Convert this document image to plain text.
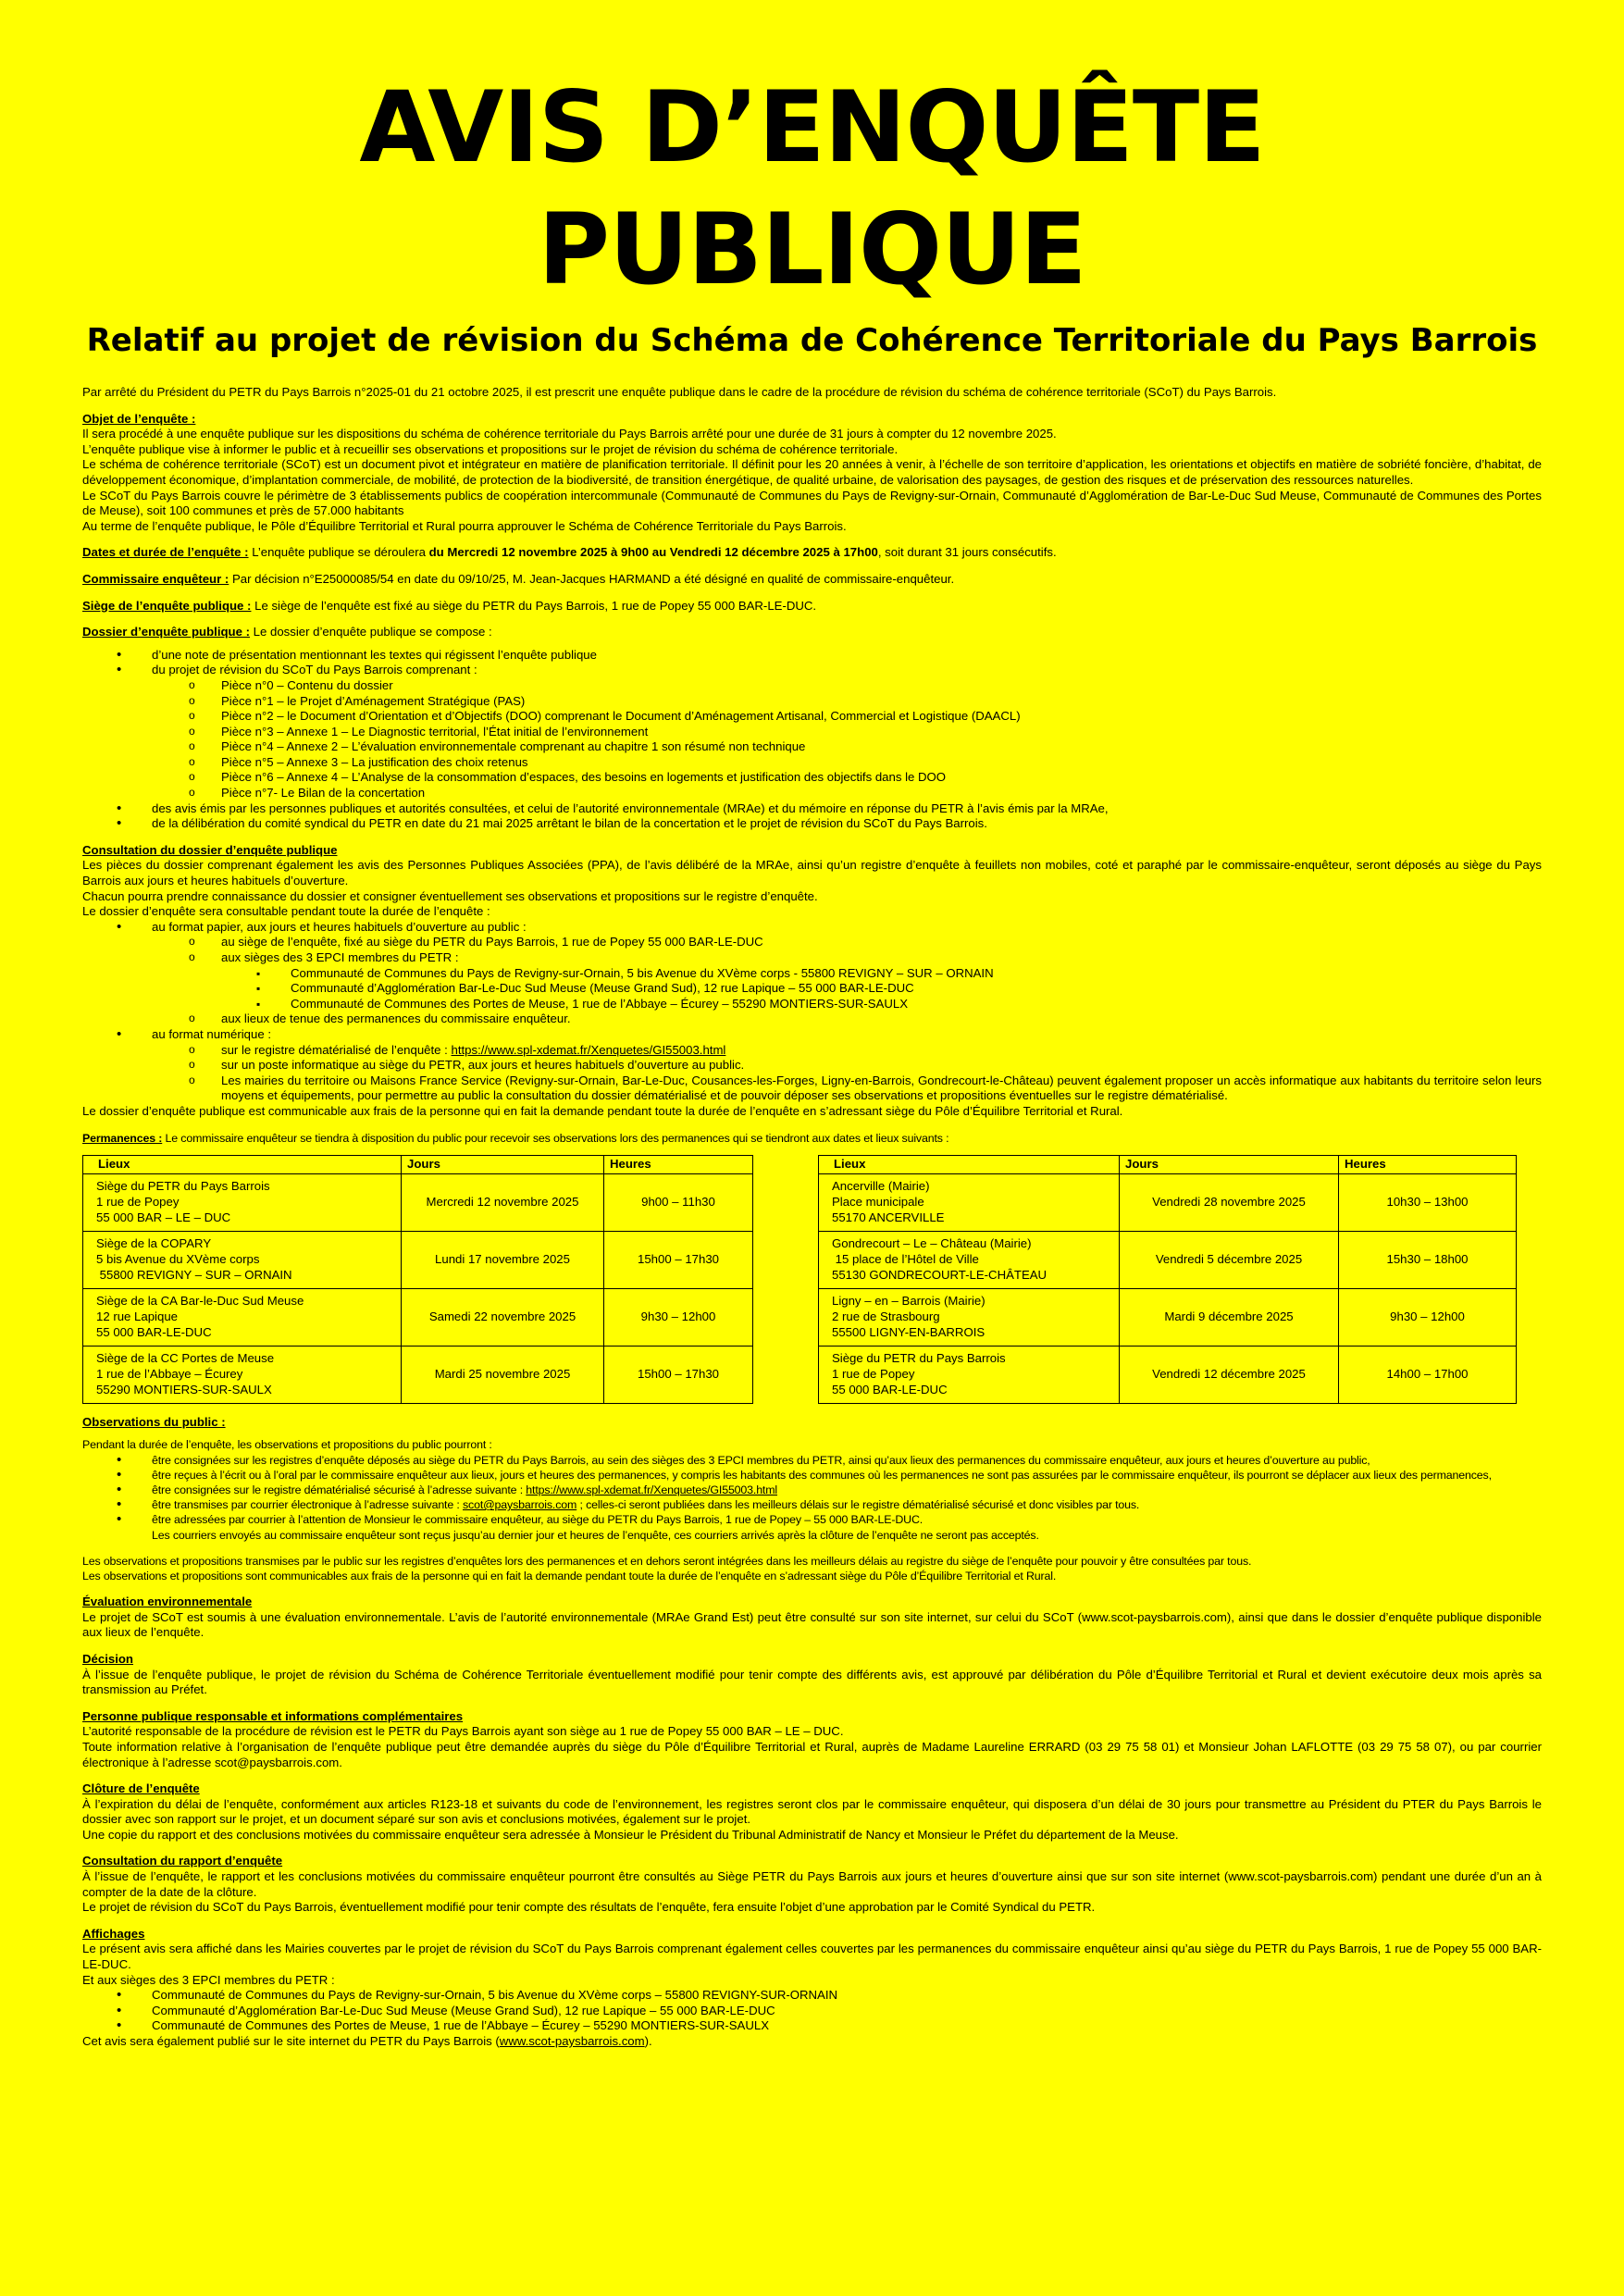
AVIS D’ENQUÊTE PUBLIQUE
Relatif au projet de révision du Schéma de Cohérence Territoriale du Pays Barrois

Par arrêté du Président du PETR du Pays Barrois n°2025-01 du 21 octobre 2025, il est prescrit une enquête publique dans le cadre de la procédure de révision du schéma de cohérence territoriale (SCoT) du Pays Barrois.

Objet de l’enquête :

Il sera procédé à une enquête publique sur les dispositions du schéma de cohérence territoriale du Pays Barrois arrêté pour une durée de 31 jours à compter du 12 novembre 2025.

L’enquête publique vise à informer le public et à recueillir ses observations et propositions sur le projet de révision du schéma de cohérence territoriale.

Le schéma de cohérence territoriale (SCoT) est un document pivot et intégrateur en matière de planification territoriale. Il définit pour les 20 années à venir, à l’échelle de son territoire d’application, les orientations et objectifs en matière de sobriété foncière, d’habitat, de développement économique, d’implantation commerciale, de mobilité, de protection de la biodiversité, de transition énergétique, de qualité urbaine, de valorisation des paysages, de gestion des risques et de préservation des ressources naturelles.

Le SCoT du Pays Barrois couvre le périmètre de 3 établissements publics de coopération intercommunale (Communauté de Communes du Pays de Revigny-sur-Ornain, Communauté d’Agglomération de Bar-Le-Duc Sud Meuse, Communauté de Communes des Portes de Meuse), soit 100 communes et près de 57.000 habitants

Au terme de l’enquête publique, le Pôle d’Équilibre Territorial et Rural pourra approuver le Schéma de Cohérence Territoriale du Pays Barrois.

Dates et durée de l’enquête : L’enquête publique se déroulera du Mercredi 12 novembre 2025 à 9h00 au Vendredi 12 décembre 2025 à 17h00, soit durant 31 jours consécutifs.

Commissaire enquêteur : Par décision n°E25000085/54 en date du 09/10/25, M. Jean-Jacques HARMAND a été désigné en qualité de commissaire-enquêteur.

Siège de l’enquête publique : Le siège de l’enquête est fixé au siège du PETR du Pays Barrois, 1 rue de Popey 55 000 BAR-LE-DUC.

Dossier d’enquête publique : Le dossier d’enquête publique se compose :

• d’une note de présentation mentionnant les textes qui régissent l’enquête publique
• du projet de révision du SCoT du Pays Barrois comprenant :
o Pièce n°0 – Contenu du dossier
o Pièce n°1 – le Projet d’Aménagement Stratégique (PAS)
o Pièce n°2 – le Document d’Orientation et d’Objectifs (DOO) comprenant le Document d’Aménagement Artisanal, Commercial et Logistique (DAACL)
o Pièce n°3 – Annexe 1 – Le Diagnostic territorial, l’État initial de l’environnement
o Pièce n°4 – Annexe 2 – L’évaluation environnementale comprenant au chapitre 1 son résumé non technique
o Pièce n°5 – Annexe 3 – La justification des choix retenus
o Pièce n°6 – Annexe 4 – L’Analyse de la consommation d’espaces, des besoins en logements et justification des objectifs dans le DOO
o Pièce n°7- Le Bilan de la concertation
• des avis émis par les personnes publiques et autorités consultées, et celui de l’autorité environnementale (MRAe) et du mémoire en réponse du PETR à l’avis émis par la MRAe,
• de la délibération du comité syndical du PETR en date du 21 mai 2025 arrêtant le bilan de la concertation et le projet de révision du SCoT du Pays Barrois.

Consultation du dossier d’enquête publique

Les pièces du dossier comprenant également les avis des Personnes Publiques Associées (PPA), de l’avis délibéré de la MRAe, ainsi qu’un registre d’enquête à feuillets non mobiles, coté et paraphé par le commissaire-enquêteur, seront déposés au siège du Pays Barrois aux jours et heures habituels d’ouverture.

Chacun pourra prendre connaissance du dossier et consigner éventuellement ses observations et propositions sur le registre d’enquête.

Le dossier d’enquête sera consultable pendant toute la durée de l’enquête :

• au format papier, aux jours et heures habituels d’ouverture au public :
o au siège de l’enquête, fixé au siège du PETR du Pays Barrois, 1 rue de Popey 55 000 BAR-LE-DUC
o aux sièges des 3 EPCI membres du PETR :
▪ Communauté de Communes du Pays de Revigny-sur-Ornain, 5 bis Avenue du XVème corps - 55800 REVIGNY – SUR – ORNAIN
▪ Communauté d’Agglomération Bar-Le-Duc Sud Meuse (Meuse Grand Sud), 12 rue Lapique – 55 000 BAR-LE-DUC
▪ Communauté de Communes des Portes de Meuse, 1 rue de l’Abbaye – Écurey – 55290 MONTIERS-SUR-SAULX
o aux lieux de tenue des permanences du commissaire enquêteur.
• au format numérique :
o sur le registre dématérialisé de l’enquête : https://www.spl-xdemat.fr/Xenquetes/GI55003.html
o sur un poste informatique au siège du PETR, aux jours et heures habituels d’ouverture au public.
o Les mairies du territoire ou Maisons France Service (Revigny-sur-Ornain, Bar-Le-Duc, Cousances-les-Forges, Ligny-en-Barrois, Gondrecourt-le-Château) peuvent également proposer un accès informatique aux habitants du territoire selon leurs moyens et équipements, pour permettre au public la consultation du dossier dématérialisé et de pouvoir déposer ses observations et propositions éventuelles sur le registre dématérialisé.

Le dossier d’enquête publique est communicable aux frais de la personne qui en fait la demande pendant toute la durée de l’enquête en s’adressant siège du Pôle d’Équilibre Territorial et Rural.

Permanences : Le commissaire enquêteur se tiendra à disposition du public pour recevoir ses observations lors des permanences qui se tiendront aux dates et lieux suivants :

Lieux	Jours	Heures

Siège du PETR du Pays Barrois
1 rue de Popey
55 000 BAR – LE – DUC	Mercredi 12 novembre 2025	9h00 – 11h30

Siège de la COPARY
5 bis Avenue du XVème corps
55800 REVIGNY – SUR – ORNAIN	Lundi 17 novembre 2025	15h00 – 17h30

Siège de la CA Bar-le-Duc Sud Meuse
12 rue Lapique
55 000 BAR-LE-DUC	Samedi 22 novembre 2025	9h30 – 12h00

Siège de la CC Portes de Meuse
1 rue de l’Abbaye – Écurey
55290 MONTIERS-SUR-SAULX	Mardi 25 novembre 2025	15h00 – 17h30
Lieux	Jours	Heures

Ancerville (Mairie)
Place municipale
55170 ANCERVILLE	Vendredi 28 novembre 2025	10h30 – 13h00

Gondrecourt – Le – Château (Mairie)
15 place de l’Hôtel de Ville
55130 GONDRECOURT-LE-CHÂTEAU	Vendredi 5 décembre 2025	15h30 – 18h00

Ligny – en – Barrois (Mairie)
2 rue de Strasbourg
55500 LIGNY-EN-BARROIS	Mardi 9 décembre 2025	9h30 – 12h00

Siège du PETR du Pays Barrois
1 rue de Popey
55 000 BAR-LE-DUC	Vendredi 12 décembre 2025	14h00 – 17h00

Observations du public :

Pendant la durée de l’enquête, les observations et propositions du public pourront :

• être consignées sur les registres d’enquête déposés au siège du PETR du Pays Barrois, au sein des sièges des 3 EPCI membres du PETR, ainsi qu’aux lieux des permanences du commissaire enquêteur, aux jours et heures d’ouverture au public,
• être reçues à l’écrit ou à l’oral par le commissaire enquêteur aux lieux, jours et heures des permanences, y compris les habitants des communes où les permanences ne sont pas assurées par le commissaire enquêteur, ils pourront se déplacer aux lieux des permanences,
• être consignées sur le registre dématérialisé sécurisé à l’adresse suivante : https://www.spl-xdemat.fr/Xenquetes/GI55003.html
• être transmises par courrier électronique à l’adresse suivante : scot@paysbarrois.com ; celles-ci seront publiées dans les meilleurs délais sur le registre dématérialisé sécurisé et donc visibles par tous.
• être adressées par courrier à l’attention de Monsieur le commissaire enquêteur, au siège du PETR du Pays Barrois, 1 rue de Popey – 55 000 BAR-LE-DUC.
Les courriers envoyés au commissaire enquêteur sont reçus jusqu’au dernier jour et heures de l’enquête, ces courriers arrivés après la clôture de l’enquête ne seront pas acceptés.

Les observations et propositions transmises par le public sur les registres d’enquêtes lors des permanences et en dehors seront intégrées dans les meilleurs délais au registre du siège de l’enquête pour pouvoir y être consultées par tous.

Les observations et propositions sont communicables aux frais de la personne qui en fait la demande pendant toute la durée de l’enquête en s’adressant siège du Pôle d’Équilibre Territorial et Rural.

Évaluation environnementale

Le projet de SCoT est soumis à une évaluation environnementale. L’avis de l’autorité environnementale (MRAe Grand Est) peut être consulté sur son site internet, sur celui du SCoT (www.scot-paysbarrois.com), ainsi que dans le dossier d’enquête publique disponible aux lieux de l’enquête.

Décision

À l’issue de l’enquête publique, le projet de révision du Schéma de Cohérence Territoriale éventuellement modifié pour tenir compte des différents avis, est approuvé par délibération du Pôle d’Équilibre Territorial et Rural et devient exécutoire deux mois après sa transmission au Préfet.

Personne publique responsable et informations complémentaires

L’autorité responsable de la procédure de révision est le PETR du Pays Barrois ayant son siège au 1 rue de Popey 55 000 BAR – LE – DUC.

Toute information relative à l’organisation de l’enquête publique peut être demandée auprès du siège du Pôle d’Équilibre Territorial et Rural, auprès de Madame Laureline ERRARD (03 29 75 58 01) et Monsieur Johan LAFLOTTE (03 29 75 58 07), ou par courrier électronique à l’adresse scot@paysbarrois.com.

Clôture de l’enquête

À l’expiration du délai de l’enquête, conformément aux articles R123-18 et suivants du code de l’environnement, les registres seront clos par le commissaire enquêteur, qui disposera d’un délai de 30 jours pour transmettre au Président du PTER du Pays Barrois le dossier avec son rapport sur le projet, et un document séparé sur son avis et conclusions motivées, également sur le projet.

Une copie du rapport et des conclusions motivées du commissaire enquêteur sera adressée à Monsieur le Président du Tribunal Administratif de Nancy et Monsieur le Préfet du département de la Meuse.

Consultation du rapport d’enquête

À l’issue de l’enquête, le rapport et les conclusions motivées du commissaire enquêteur pourront être consultés au Siège PETR du Pays Barrois aux jours et heures d’ouverture ainsi que sur son site internet (www.scot-paysbarrois.com) pendant une durée d’un an à compter de la date de la clôture.

Le projet de révision du SCoT du Pays Barrois, éventuellement modifié pour tenir compte des résultats de l’enquête, fera ensuite l’objet d’une approbation par le Comité Syndical du PETR.

Affichages

Le présent avis sera affiché dans les Mairies couvertes par le projet de révision du SCoT du Pays Barrois comprenant également celles couvertes par les permanences du commissaire enquêteur ainsi qu’au siège du PETR du Pays Barrois, 1 rue de Popey 55 000 BAR-LE-DUC.

Et aux sièges des 3 EPCI membres du PETR :

• Communauté de Communes du Pays de Revigny-sur-Ornain, 5 bis Avenue du XVème corps – 55800 REVIGNY-SUR-ORNAIN
• Communauté d’Agglomération Bar-Le-Duc Sud Meuse (Meuse Grand Sud), 12 rue Lapique – 55 000 BAR-LE-DUC
• Communauté de Communes des Portes de Meuse, 1 rue de l’Abbaye – Écurey – 55290 MONTIERS-SUR-SAULX

Cet avis sera également publié sur le site internet du PETR du Pays Barrois (www.scot-paysbarrois.com).
